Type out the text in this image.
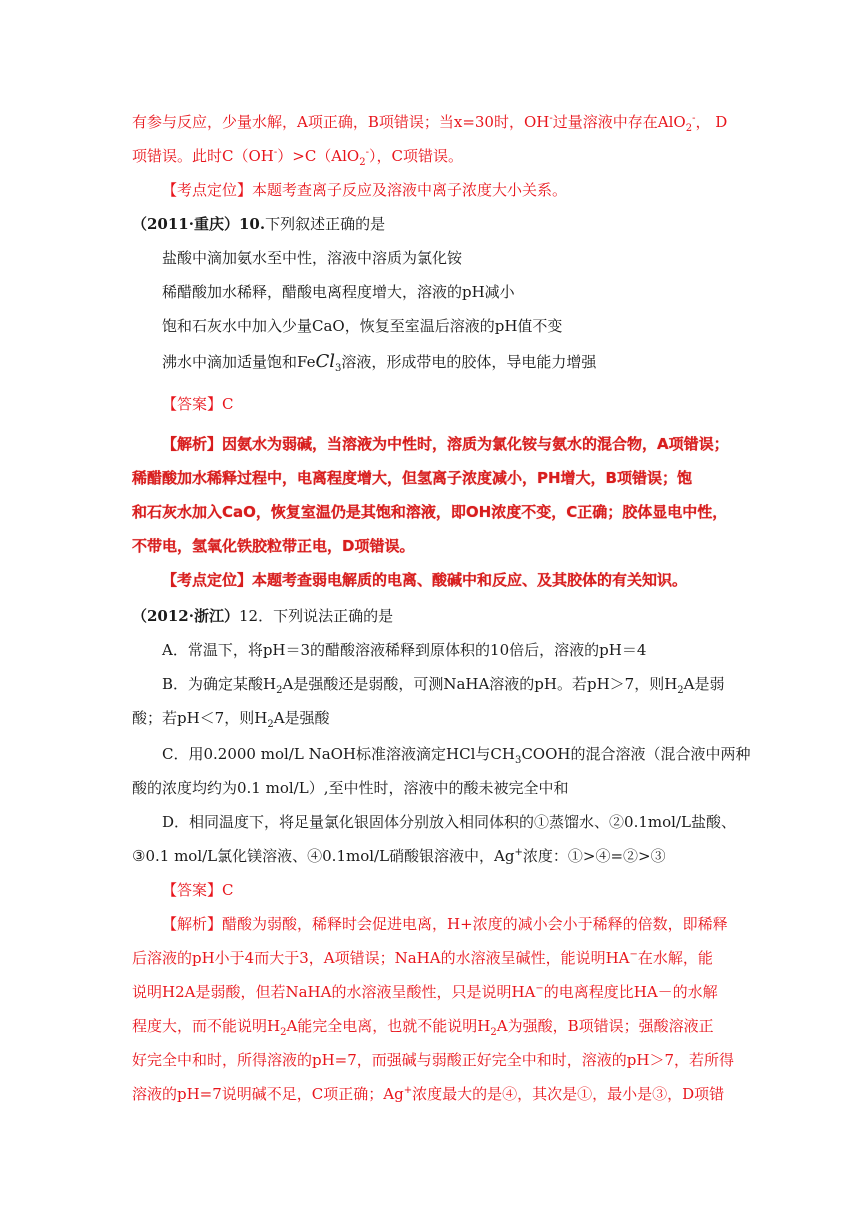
有参与反应，少量水解，A项正确，B项错误；当x=30时，OH-过量溶液中存在AlO$_2$-， D
项错误。此时C（OH-）>C（AlO$_2$-），C项错误。
【考点定位】本题考查离子反应及溶液中离子浓度大小关系。
（2011·重庆）10.下列叙述正确的是
盐酸中滴加氨水至中性，溶液中溶质为氯化铵
稀醋酸加水稀释，醋酸电离程度增大，溶液的pH减小
饱和石灰水中加入少量CaO，恢复至室温后溶液的pH值不变
沸水中滴加适量饱和FeCl$_3$溶液，形成带电的胶体，导电能力增强
【答案】C
【解析】因氨水为弱碱，当溶液为中性时，溶质为氯化铵与氨水的混合物，A项错误；
稀醋酸加水稀释过程中，电离程度增大，但氢离子浓度减小，PH增大，B项错误；饱
和石灰水加入CaO，恢复室温仍是其饱和溶液，即OH浓度不变，C正确；胶体显电中性，
不带电，氢氧化铁胶粒带正电，D项错误。
【考点定位】本题考查弱电解质的电离、酸碱中和反应、及其胶体的有关知识。
（2012·浙江）12．下列说法正确的是
A．常温下，将pH＝3的醋酸溶液稀释到原体积的10倍后，溶液的pH＝4
B．为确定某酸$H_2A$是强酸还是弱酸，可测NaHA溶液的pH。若pH＞7，则$H_2A$是弱
酸；若pH＜7，则$H_2A$是强酸
C．用0.2000 mol/L NaOH标准溶液滴定HCl与$CH_3COOH$的混合溶液（混合液中两种
酸的浓度均约为0.1 mol/L）,至中性时，溶液中的酸未被完全中和
D．相同温度下，将足量氯化银固体分别放入相同体积的①蒸馏水、②0.1mol/L盐酸、
③0.1 mol/L氯化镁溶液、④0.1mol/L硝酸银溶液中，Ag+浓度：①>④=②>③
【答案】C
【解析】醋酸为弱酸，稀释时会促进电离，H+浓度的减小会小于稀释的倍数，即稀释
后溶液的pH小于4而大于3，A项错误；NaHA的水溶液呈碱性，能说明HA−在水解，能
说明H2A是弱酸，但若NaHA的水溶液呈酸性，只是说明HA−的电离程度比HA－的水解
程度大，而不能说明$H_2A$能完全电离，也就不能说明$H_2A$为强酸，B项错误；强酸溶液正
好完全中和时，所得溶液的pH=7，而强碱与弱酸正好完全中和时，溶液的pH＞7，若所得
溶液的pH=7说明碱不足，C项正确；Ag+浓度最大的是④，其次是①，最小是③，D项错
